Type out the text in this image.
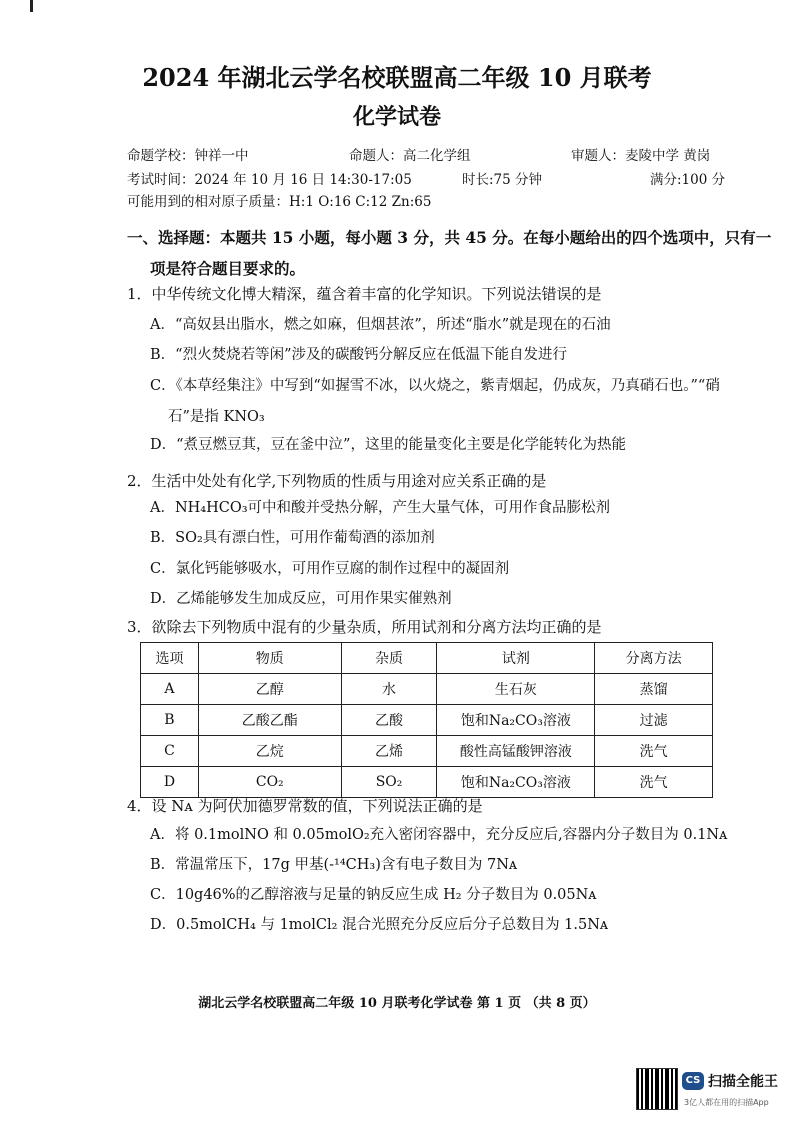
2024 年湖北云学名校联盟高二年级 10 月联考
化学试卷
命题学校：钟祥一中	命题人：高二化学组	审题人：麦陵中学 黄岗
考试时间：2024 年 10 月 16 日 14:30-17:05	时长:75 分钟	满分:100 分
可能用到的相对原子质量：H:1 O:16 C:12 Zn:65
一、选择题：本题共 15 小题，每小题 3 分，共 45 分。在每小题给出的四个选项中，只有一
项是符合题目要求的。
1．中华传统文化博大精深，蕴含着丰富的化学知识。下列说法错误的是
A．“高奴县出脂水，燃之如麻，但烟甚浓”，所述“脂水”就是现在的石油
B．“烈火焚烧若等闲”涉及的碳酸钙分解反应在低温下能自发进行
C．《本草经集注》中写到“如握雪不冰，以火烧之，紫青烟起，仍成灰，乃真硝石也。”“硝
石”是指 KNO₃
D．“煮豆燃豆萁，豆在釜中泣”，这里的能量变化主要是化学能转化为热能
2．生活中处处有化学,下列物质的性质与用途对应关系正确的是
A．NH₄HCO₃可中和酸并受热分解，产生大量气体，可用作食品膨松剂
B．SO₂具有漂白性，可用作葡萄酒的添加剂
C．氯化钙能够吸水，可用作豆腐的制作过程中的凝固剂
D．乙烯能够发生加成反应，可用作果实催熟剂
3．欲除去下列物质中混有的少量杂质，所用试剂和分离方法均正确的是
选项	物质	杂质	试剂	分离方法
A	乙醇	水	生石灰	蒸馏
B	乙酸乙酯	乙酸	饱和Na₂CO₃溶液	过滤
C	乙烷	乙烯	酸性高锰酸钾溶液	洗气
D	CO₂	SO₂	饱和Na₂CO₃溶液	洗气
4．设 Nᴀ 为阿伏加德罗常数的值，下列说法正确的是
A．将 0.1molNO 和 0.05molO₂充入密闭容器中，充分反应后,容器内分子数目为 0.1Nᴀ
B．常温常压下，17g 甲基(-¹⁴CH₃)含有电子数目为 7Nᴀ
C．10g46%的乙醇溶液与足量的钠反应生成 H₂ 分子数目为 0.05Nᴀ
D．0.5molCH₄ 与 1molCl₂ 混合光照充分反应后分子总数目为 1.5Nᴀ
湖北云学名校联盟高二年级 10 月联考化学试卷 第 1 页 （共 8 页）
CS 扫描全能王
3亿人都在用的扫描App
